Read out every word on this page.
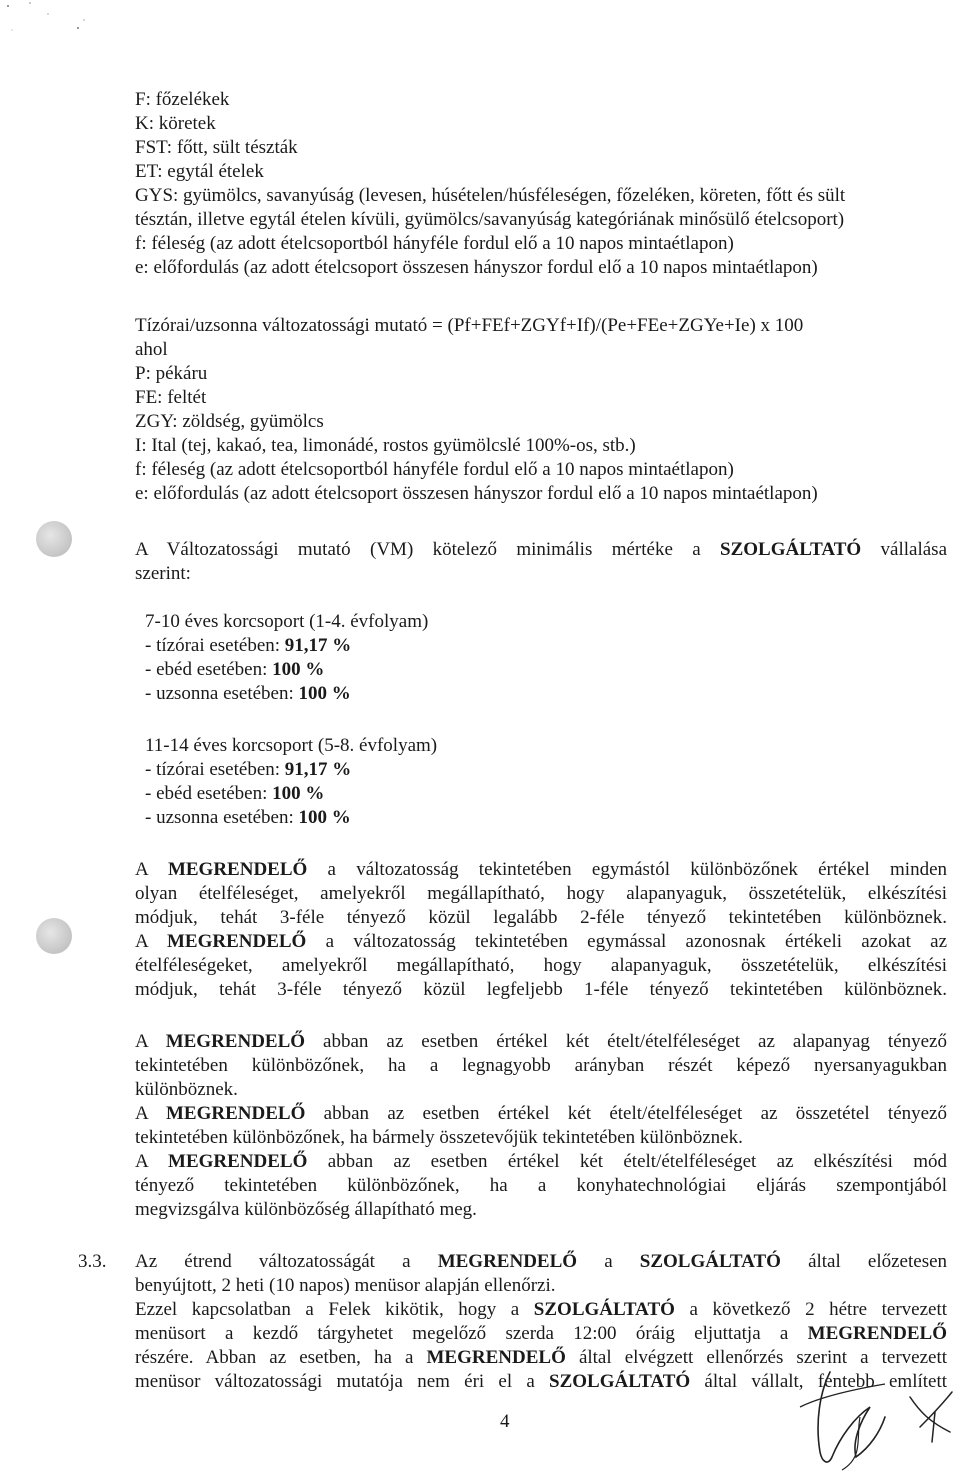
F: főzelékek
K: köretek
FST: főtt, sült tészták
ET: egytál ételek
GYS: gyümölcs, savanyúság (levesen, húsételen/húsféleségen, főzeléken, köreten, főtt és sült
tésztán, illetve egytál ételen kívüli, gyümölcs/savanyúság kategóriának minősülő ételcsoport)
f: féleség (az adott ételcsoportból hányféle fordul elő a 10 napos mintaétlapon)
e: előfordulás (az adott ételcsoport összesen hányszor fordul elő a 10 napos mintaétlapon)
Tízórai/uzsonna változatossági mutató = (Pf+FEf+ZGYf+If)/(Pe+FEe+ZGYe+Ie) x 100
ahol
P: pékáru
FE: feltét
ZGY: zöldség, gyümölcs
I: Ital (tej, kakaó, tea, limonádé, rostos gyümölcslé 100%-os, stb.)
f: féleség (az adott ételcsoportból hányféle fordul elő a 10 napos mintaétlapon)
e: előfordulás (az adott ételcsoport összesen hányszor fordul elő a 10 napos mintaétlapon)
A Változatossági mutató (VM) kötelező minimális mértéke a SZOLGÁLTATÓ vállalása
szerint:
7-10 éves korcsoport (1-4. évfolyam)
- tízórai esetében: 91,17 %
- ebéd esetében: 100 %
- uzsonna esetében: 100 %
11-14 éves korcsoport (5-8. évfolyam)
- tízórai esetében: 91,17 %
- ebéd esetében: 100 %
- uzsonna esetében: 100 %
A MEGRENDELŐ a változatosság tekintetében egymástól különbözőnek értékel minden
olyan ételféleséget, amelyekről megállapítható, hogy alapanyaguk, összetételük, elkészítési
módjuk, tehát 3-féle tényező közül legalább 2-féle tényező tekintetében különböznek.
A MEGRENDELŐ a változatosság tekintetében egymással azonosnak értékeli azokat az
ételféleségeket, amelyekről megállapítható, hogy alapanyaguk, összetételük, elkészítési
módjuk, tehát 3-féle tényező közül legfeljebb 1-féle tényező tekintetében különböznek.
A MEGRENDELŐ abban az esetben értékel két ételt/ételféleséget az alapanyag tényező
tekintetében különbözőnek, ha a legnagyobb arányban részét képező nyersanyagukban
különböznek.
A MEGRENDELŐ abban az esetben értékel két ételt/ételféleséget az összetétel tényező
tekintetében különbözőnek, ha bármely összetevőjük tekintetében különböznek.
A MEGRENDELŐ abban az esetben értékel két ételt/ételféleséget az elkészítési mód
tényező tekintetében különbözőnek, ha a konyhatechnológiai eljárás szempontjából
megvizsgálva különbözőség állapítható meg.
3.3. Az étrend változatosságát a MEGRENDELŐ a SZOLGÁLTATÓ által előzetesen
benyújtott, 2 heti (10 napos) menüsor alapján ellenőrzi.
Ezzel kapcsolatban a Felek kikötik, hogy a SZOLGÁLTATÓ a következő 2 hétre tervezett
menüsort a kezdő tárgyhetet megelőző szerda 12:00 óráig eljuttatja a MEGRENDELŐ
részére. Abban az esetben, ha a MEGRENDELŐ által elvégzett ellenőrzés szerint a tervezett
menüsor változatossági mutatója nem éri el a SZOLGÁLTATÓ által vállalt, fentebb említett
4
